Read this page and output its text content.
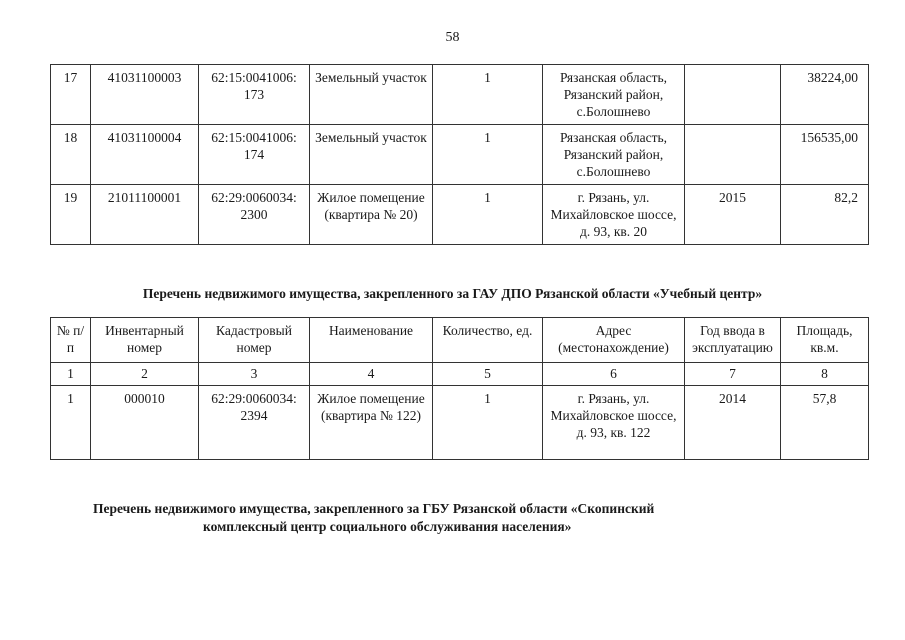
58
17	41031100003	62:15:0041006: 173	Земельный участок	1	Рязанская область, Рязанский район, с.Болошнево		38224,00
18	41031100004	62:15:0041006: 174	Земельный участок	1	Рязанская область, Рязанский район, с.Болошнево		156535,00
19	21011100001	62:29:0060034: 2300	Жилое помещение (квартира № 20)	1	г. Рязань, ул. Михайловское шоссе, д. 93, кв. 20	2015	82,2
Перечень недвижимого имущества, закрепленного за ГАУ ДПО Рязанской области «Учебный центр»
№ п/п	Инвентарный номер	Кадастровый номер	Наименование	Количество, ед.	Адрес (местонахождение)	Год ввода в эксплуатацию	Площадь, кв.м.
1	2	3	4	5	6	7	8
1	000010	62:29:0060034: 2394	Жилое помещение (квартира № 122)	1	г. Рязань, ул. Михайловское шоссе, д. 93, кв. 122	2014	57,8
Перечень недвижимого имущества, закрепленного за ГБУ Рязанской области «Скопинский
комплексный центр социального обслуживания населения»
